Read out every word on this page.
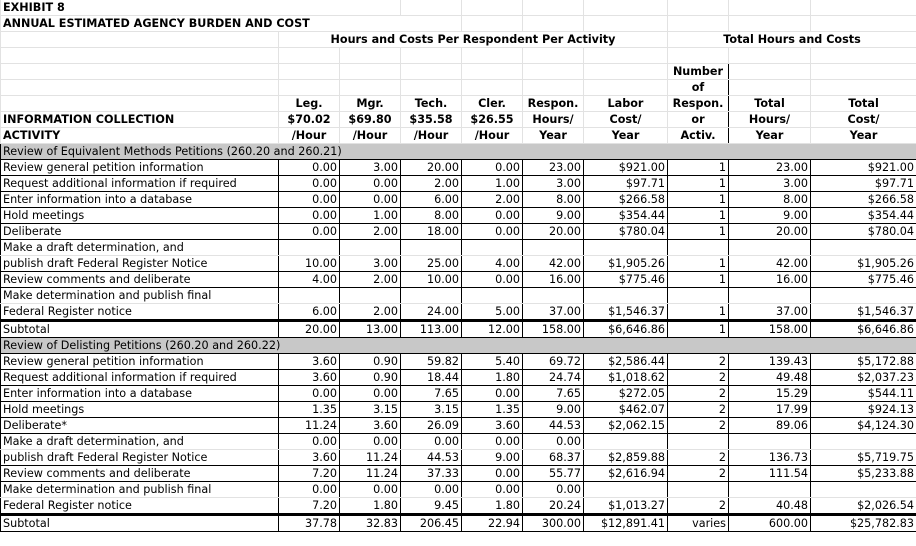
EXHIBIT 8									
ANNUAL ESTIMATED AGENCY BURDEN AND COST									
	Hours and Costs Per Respondent Per Activity						Total Hours and Costs		

							Number		
							of		
	Leg.	Mgr.	Tech.	Cler.	Respon.	Labor	Respon.	Total	Total
INFORMATION COLLECTION	$70.02	$69.80	$35.58	$26.55	Hours/	Cost/	or	Hours/	Cost/
ACTIVITY	/Hour	/Hour	/Hour	/Hour	Year	Year	Activ.	Year	Year
Review of Equivalent Methods Petitions (260.20 and 260.21)									
Review general petition information	0.00	3.00	20.00	0.00	23.00	$921.00	1	23.00	$921.00
Request additional information if required	0.00	0.00	2.00	1.00	3.00	$97.71	1	3.00	$97.71
Enter information into a database	0.00	0.00	6.00	2.00	8.00	$266.58	1	8.00	$266.58
Hold meetings	0.00	1.00	8.00	0.00	9.00	$354.44	1	9.00	$354.44
Deliberate	0.00	2.00	18.00	0.00	20.00	$780.04	1	20.00	$780.04
Make a draft determination, and									
publish draft Federal Register Notice	10.00	3.00	25.00	4.00	42.00	$1,905.26	1	42.00	$1,905.26
Review comments and deliberate	4.00	2.00	10.00	0.00	16.00	$775.46	1	16.00	$775.46
Make determination and publish final									
Federal Register notice	6.00	2.00	24.00	5.00	37.00	$1,546.37	1	37.00	$1,546.37
Subtotal	20.00	13.00	113.00	12.00	158.00	$6,646.86	1	158.00	$6,646.86
Review of Delisting Petitions (260.20 and 260.22)									
Review general petition information	3.60	0.90	59.82	5.40	69.72	$2,586.44	2	139.43	$5,172.88
Request additional information if required	3.60	0.90	18.44	1.80	24.74	$1,018.62	2	49.48	$2,037.23
Enter information into a database	0.00	0.00	7.65	0.00	7.65	$272.05	2	15.29	$544.11
Hold meetings	1.35	3.15	3.15	1.35	9.00	$462.07	2	17.99	$924.13
Deliberate*	11.24	3.60	26.09	3.60	44.53	$2,062.15	2	89.06	$4,124.30
Make a draft determination, and	0.00	0.00	0.00	0.00	0.00				
publish draft Federal Register Notice	3.60	11.24	44.53	9.00	68.37	$2,859.88	2	136.73	$5,719.75
Review comments and deliberate	7.20	11.24	37.33	0.00	55.77	$2,616.94	2	111.54	$5,233.88
Make determination and publish final	0.00	0.00	0.00	0.00	0.00				
Federal Register notice	7.20	1.80	9.45	1.80	20.24	$1,013.27	2	40.48	$2,026.54
Subtotal	37.78	32.83	206.45	22.94	300.00	$12,891.41	varies	600.00	$25,782.83
